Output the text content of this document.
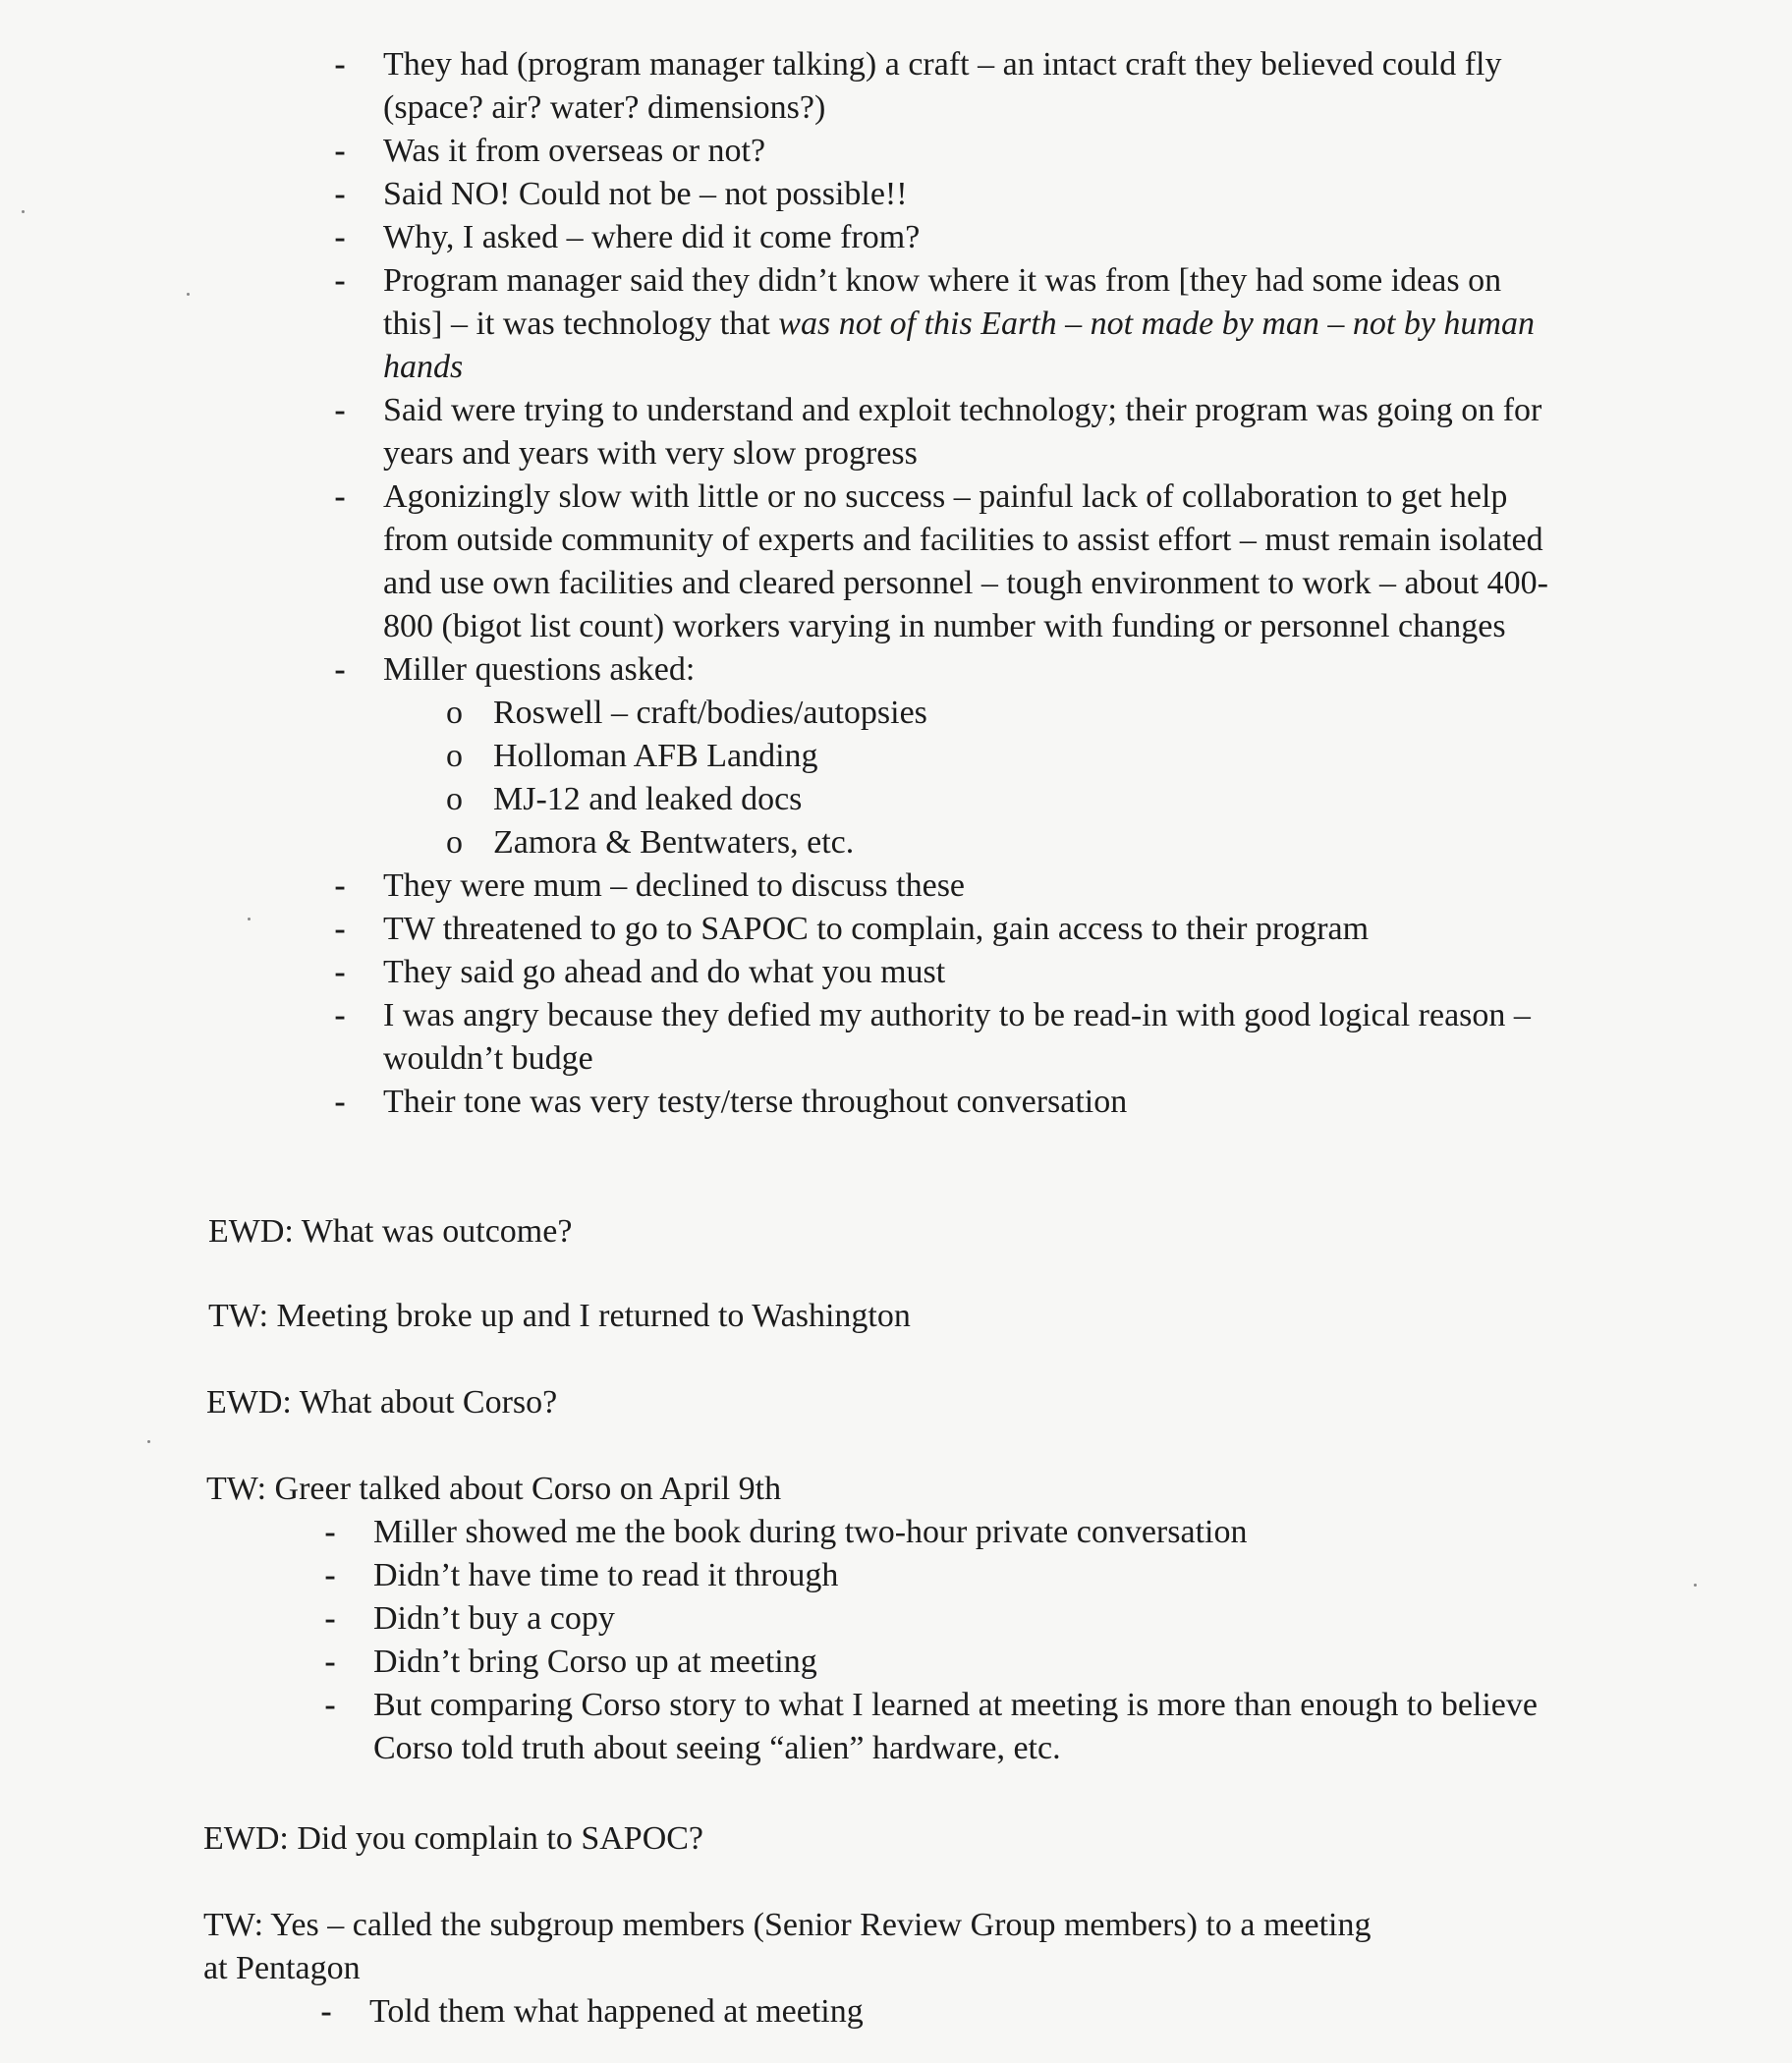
-
They had (program manager talking) a craft – an intact craft they believed could fly (space? air? water? dimensions?)
-
Was it from overseas or not?
-
Said NO! Could not be – not possible!!
-
Why, I asked – where did it come from?
-
Program manager said they didn’t know where it was from [they had some ideas on this] – it was technology that was not of this Earth – not made by man – not by human hands
-
Said were trying to understand and exploit technology; their program was going on for years and years with very slow progress
-
Agonizingly slow with little or no success – painful lack of collaboration to get help from outside community of experts and facilities to assist effort – must remain isolated and use own facilities and cleared personnel – tough environment to work – about 400-800 (bigot list count) workers varying in number with funding or personnel changes
-
Miller questions asked:
o
Roswell – craft/bodies/autopsies
o
Holloman AFB Landing
o
MJ-12 and leaked docs
o
Zamora & Bentwaters, etc.
-
They were mum – declined to discuss these
-
TW threatened to go to SAPOC to complain, gain access to their program
-
They said go ahead and do what you must
-
I was angry because they defied my authority to be read-in with good logical reason – wouldn’t budge
-
Their tone was very testy/terse throughout conversation
EWD: What was outcome?
TW: Meeting broke up and I returned to Washington
EWD: What about Corso?
TW: Greer talked about Corso on April 9th
-
Miller showed me the book during two-hour private conversation
-
Didn’t have time to read it through
-
Didn’t buy a copy
-
Didn’t bring Corso up at meeting
-
But comparing Corso story to what I learned at meeting is more than enough to believe Corso told truth about seeing “alien” hardware, etc.
EWD: Did you complain to SAPOC?
TW: Yes – called the subgroup members (Senior Review Group members) to a meeting
at Pentagon
-
Told them what happened at meeting
